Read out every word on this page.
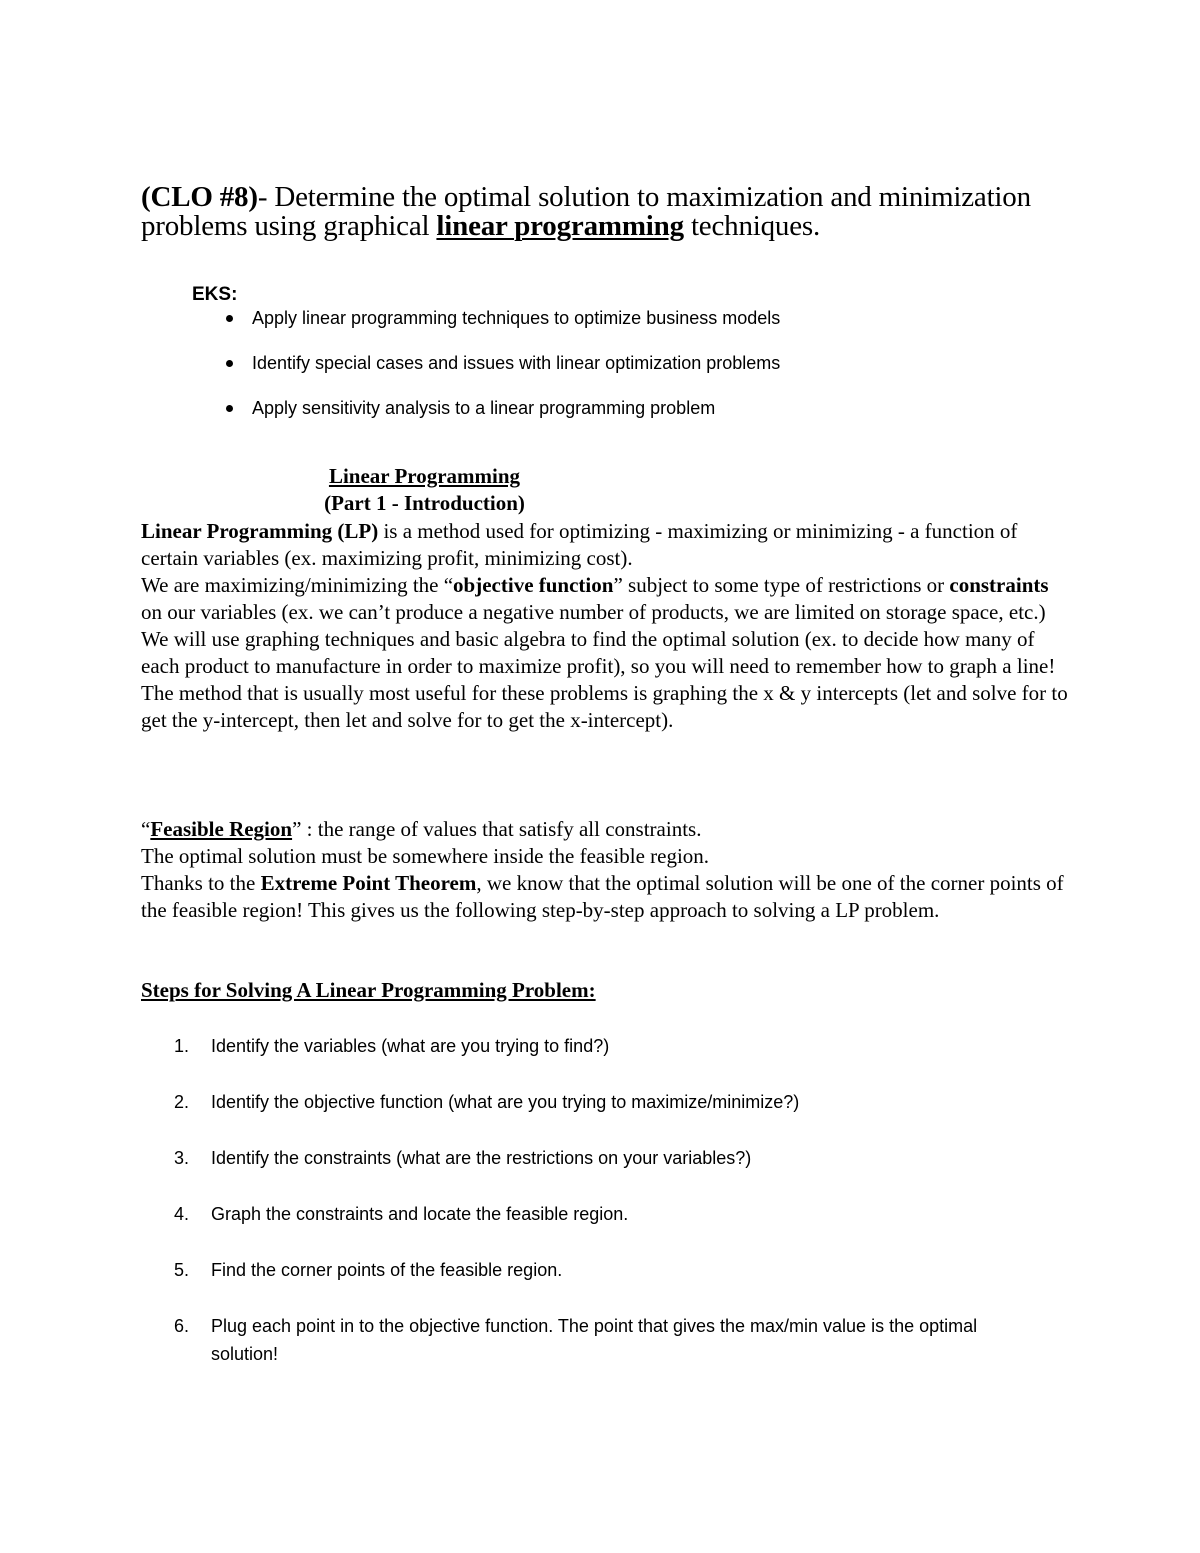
(CLO #8)- Determine the optimal solution to maximization and minimization problems using graphical linear programming techniques.
EKS:
Apply linear programming techniques to optimize business models
Identify special cases and issues with linear optimization problems
Apply sensitivity analysis to a linear programming problem
Linear Programming
(Part 1 - Introduction)

Linear Programming (LP) is a method used for optimizing - maximizing or minimizing - a function of certain variables (ex. maximizing profit, minimizing cost).

We are maximizing/minimizing the “objective function” subject to some type of restrictions or constraints on our variables (ex. we can’t produce a negative number of products, we are limited on storage space, etc.)

We will use graphing techniques and basic algebra to find the optimal solution (ex. to decide how many of each product to manufacture in order to maximize profit), so you will need to remember how to graph a line!

The method that is usually most useful for these problems is graphing the x & y intercepts (let and solve for to get the y-intercept, then let and solve for to get the x-intercept).

“Feasible Region” : the range of values that satisfy all constraints.

The optimal solution must be somewhere inside the feasible region.

Thanks to the Extreme Point Theorem, we know that the optimal solution will be one of the corner points of the feasible region! This gives us the following step-by-step approach to solving a LP problem.

Steps for Solving A Linear Programming Problem:
1.	Identify the variables (what are you trying to find?)
2.	Identify the objective function (what are you trying to maximize/minimize?)
3.	Identify the constraints (what are the restrictions on your variables?)
4.	Graph the constraints and locate the feasible region.
5.	Find the corner points of the feasible region.
6.	Plug each point in to the objective function. The point that gives the max/min value is the optimal solution!
